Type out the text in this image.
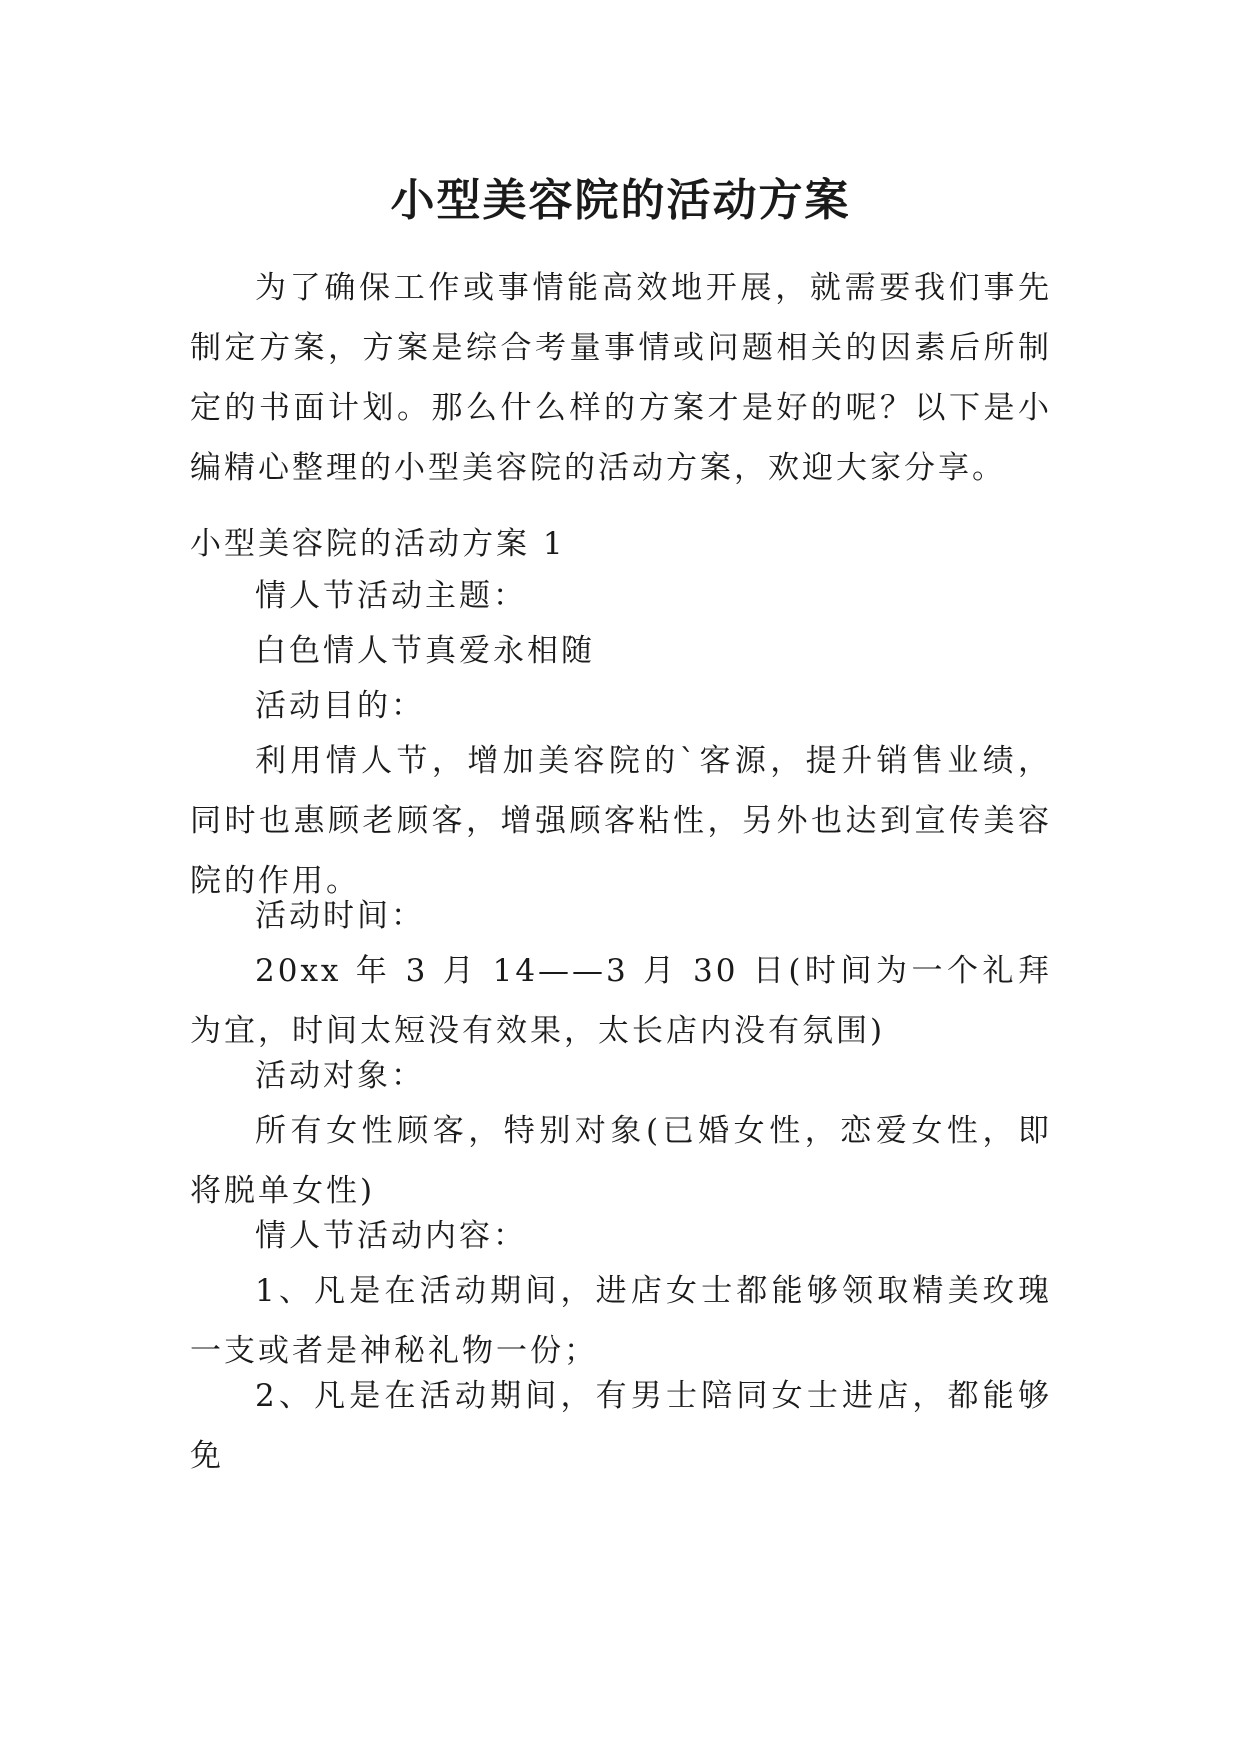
小型美容院的活动方案

为了确保工作或事情能高效地开展，就需要我们事先制定方案，方案是综合考量事情或问题相关的因素后所制定的书面计划。那么什么样的方案才是好的呢？以下是小编精心整理的小型美容院的活动方案，欢迎大家分享。

小型美容院的活动方案 1

情人节活动主题：

白色情人节真爱永相随

活动目的：

利用情人节，增加美容院的`客源，提升销售业绩，同时也惠顾老顾客，增强顾客粘性，另外也达到宣传美容院的作用。

活动时间：

20xx 年 3 月 14——3 月 30 日(时间为一个礼拜为宜，时间太短没有效果，太长店内没有氛围)

活动对象：

所有女性顾客，特别对象(已婚女性，恋爱女性，即将脱单女性)

情人节活动内容：

1、凡是在活动期间，进店女士都能够领取精美玫瑰一支或者是神秘礼物一份；

2、凡是在活动期间，有男士陪同女士进店，都能够免
